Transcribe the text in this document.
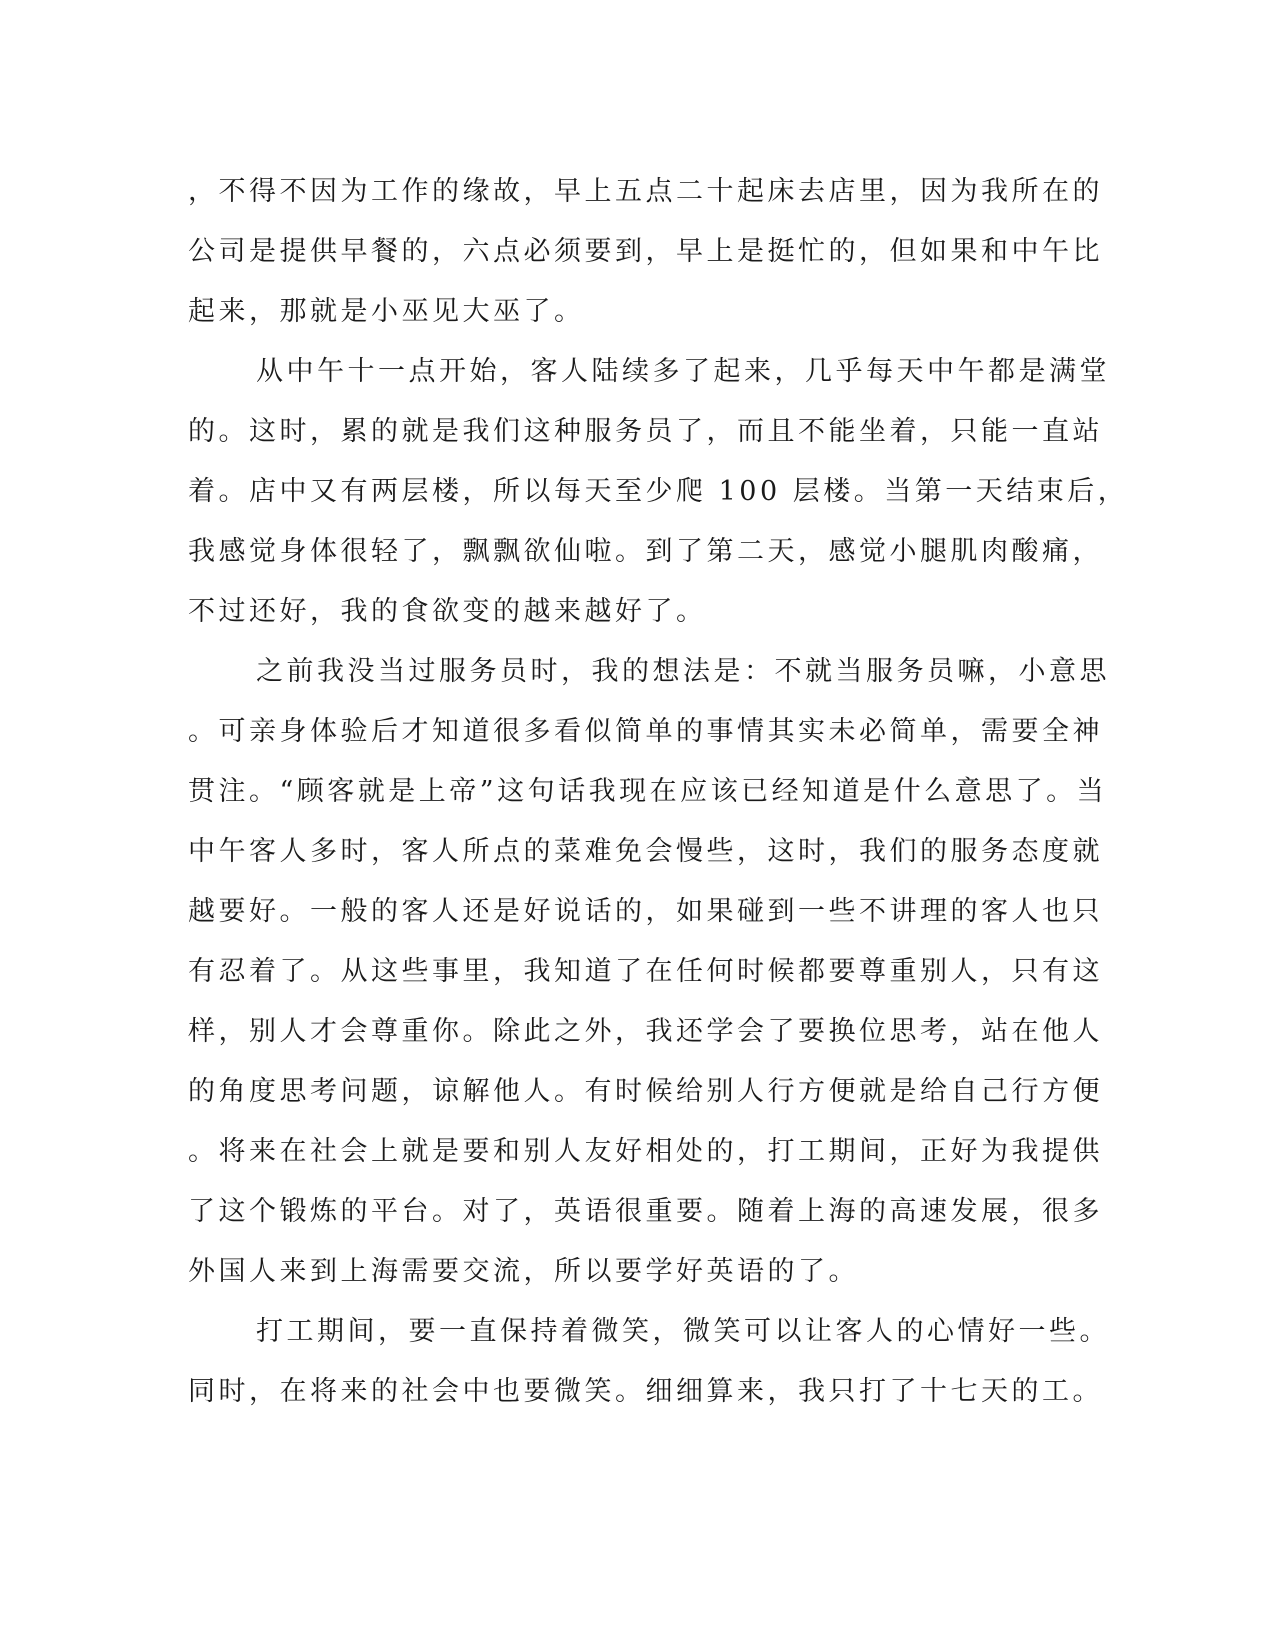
，不得不因为工作的缘故，早上五点二十起床去店里，因为我所在的
公司是提供早餐的，六点必须要到，早上是挺忙的，但如果和中午比
起来，那就是小巫见大巫了。
从中午十一点开始，客人陆续多了起来，几乎每天中午都是满堂
的。这时，累的就是我们这种服务员了，而且不能坐着，只能一直站
着。店中又有两层楼，所以每天至少爬 100 层楼。当第一天结束后，
我感觉身体很轻了，飘飘欲仙啦。到了第二天，感觉小腿肌肉酸痛，
不过还好，我的食欲变的越来越好了。
之前我没当过服务员时，我的想法是：不就当服务员嘛，小意思
。可亲身体验后才知道很多看似简单的事情其实未必简单，需要全神
贯注。“顾客就是上帝”这句话我现在应该已经知道是什么意思了。当
中午客人多时，客人所点的菜难免会慢些，这时，我们的服务态度就
越要好。一般的客人还是好说话的，如果碰到一些不讲理的客人也只
有忍着了。从这些事里，我知道了在任何时候都要尊重别人，只有这
样，别人才会尊重你。除此之外，我还学会了要换位思考，站在他人
的角度思考问题，谅解他人。有时候给别人行方便就是给自己行方便
。将来在社会上就是要和别人友好相处的，打工期间，正好为我提供
了这个锻炼的平台。对了，英语很重要。随着上海的高速发展，很多
外国人来到上海需要交流，所以要学好英语的了。
打工期间，要一直保持着微笑，微笑可以让客人的心情好一些。
同时，在将来的社会中也要微笑。细细算来，我只打了十七天的工。
